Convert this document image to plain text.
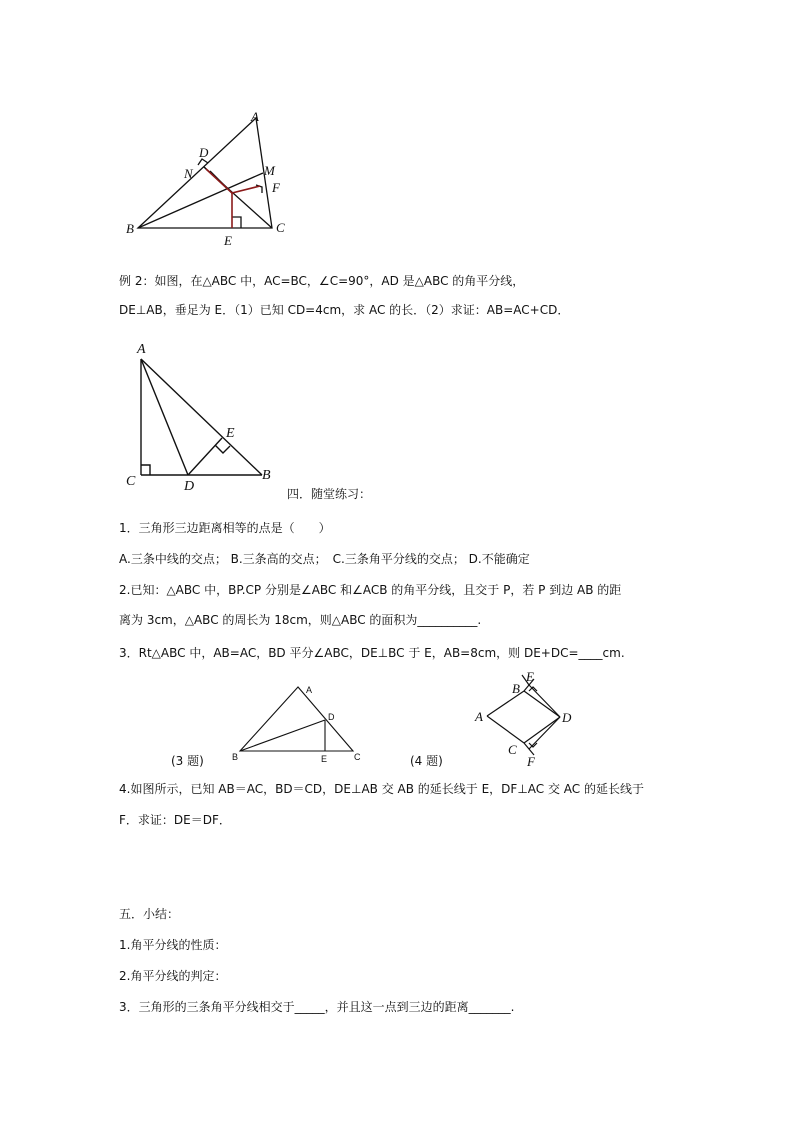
A
B	C
D
E
F
M
N
例 2：如图，在△ABC 中，AC=BC，∠C=90°，AD 是△ABC 的角平分线，
DE⊥AB，垂足为 E．（1）已知 CD=4cm，求 AC 的长．（2）求证：AB=AC+CD．
A
B
C	D
E
四．随堂练习：
1．三角形三边距离相等的点是（　　）
A.三条中线的交点； B.三条高的交点；　C.三条角平分线的交点； D.不能确定
2.已知：△ABC 中，BP.CP 分别是∠ABC 和∠ACB 的角平分线，且交于 P，若 P 到边 AB 的距
离为 3cm，△ABC 的周长为 18cm，则△ABC 的面积为__________.
3．Rt△ABC 中，AB=AC，BD 平分∠ABC，DE⊥BC 于 E，AB=8cm，则 DE+DC=____cm.
A
B	C
D
E
(3 题)	(4 题)
A
B
C
D
E
F
4.如图所示，已知 AB＝AC，BD＝CD，DE⊥AB 交 AB 的延长线于 E，DF⊥AC 交 AC 的延长线于
F．求证：DE＝DF．
五．小结：
1.角平分线的性质：
2.角平分线的判定：
3．三角形的三条角平分线相交于_____，并且这一点到三边的距离_______.
